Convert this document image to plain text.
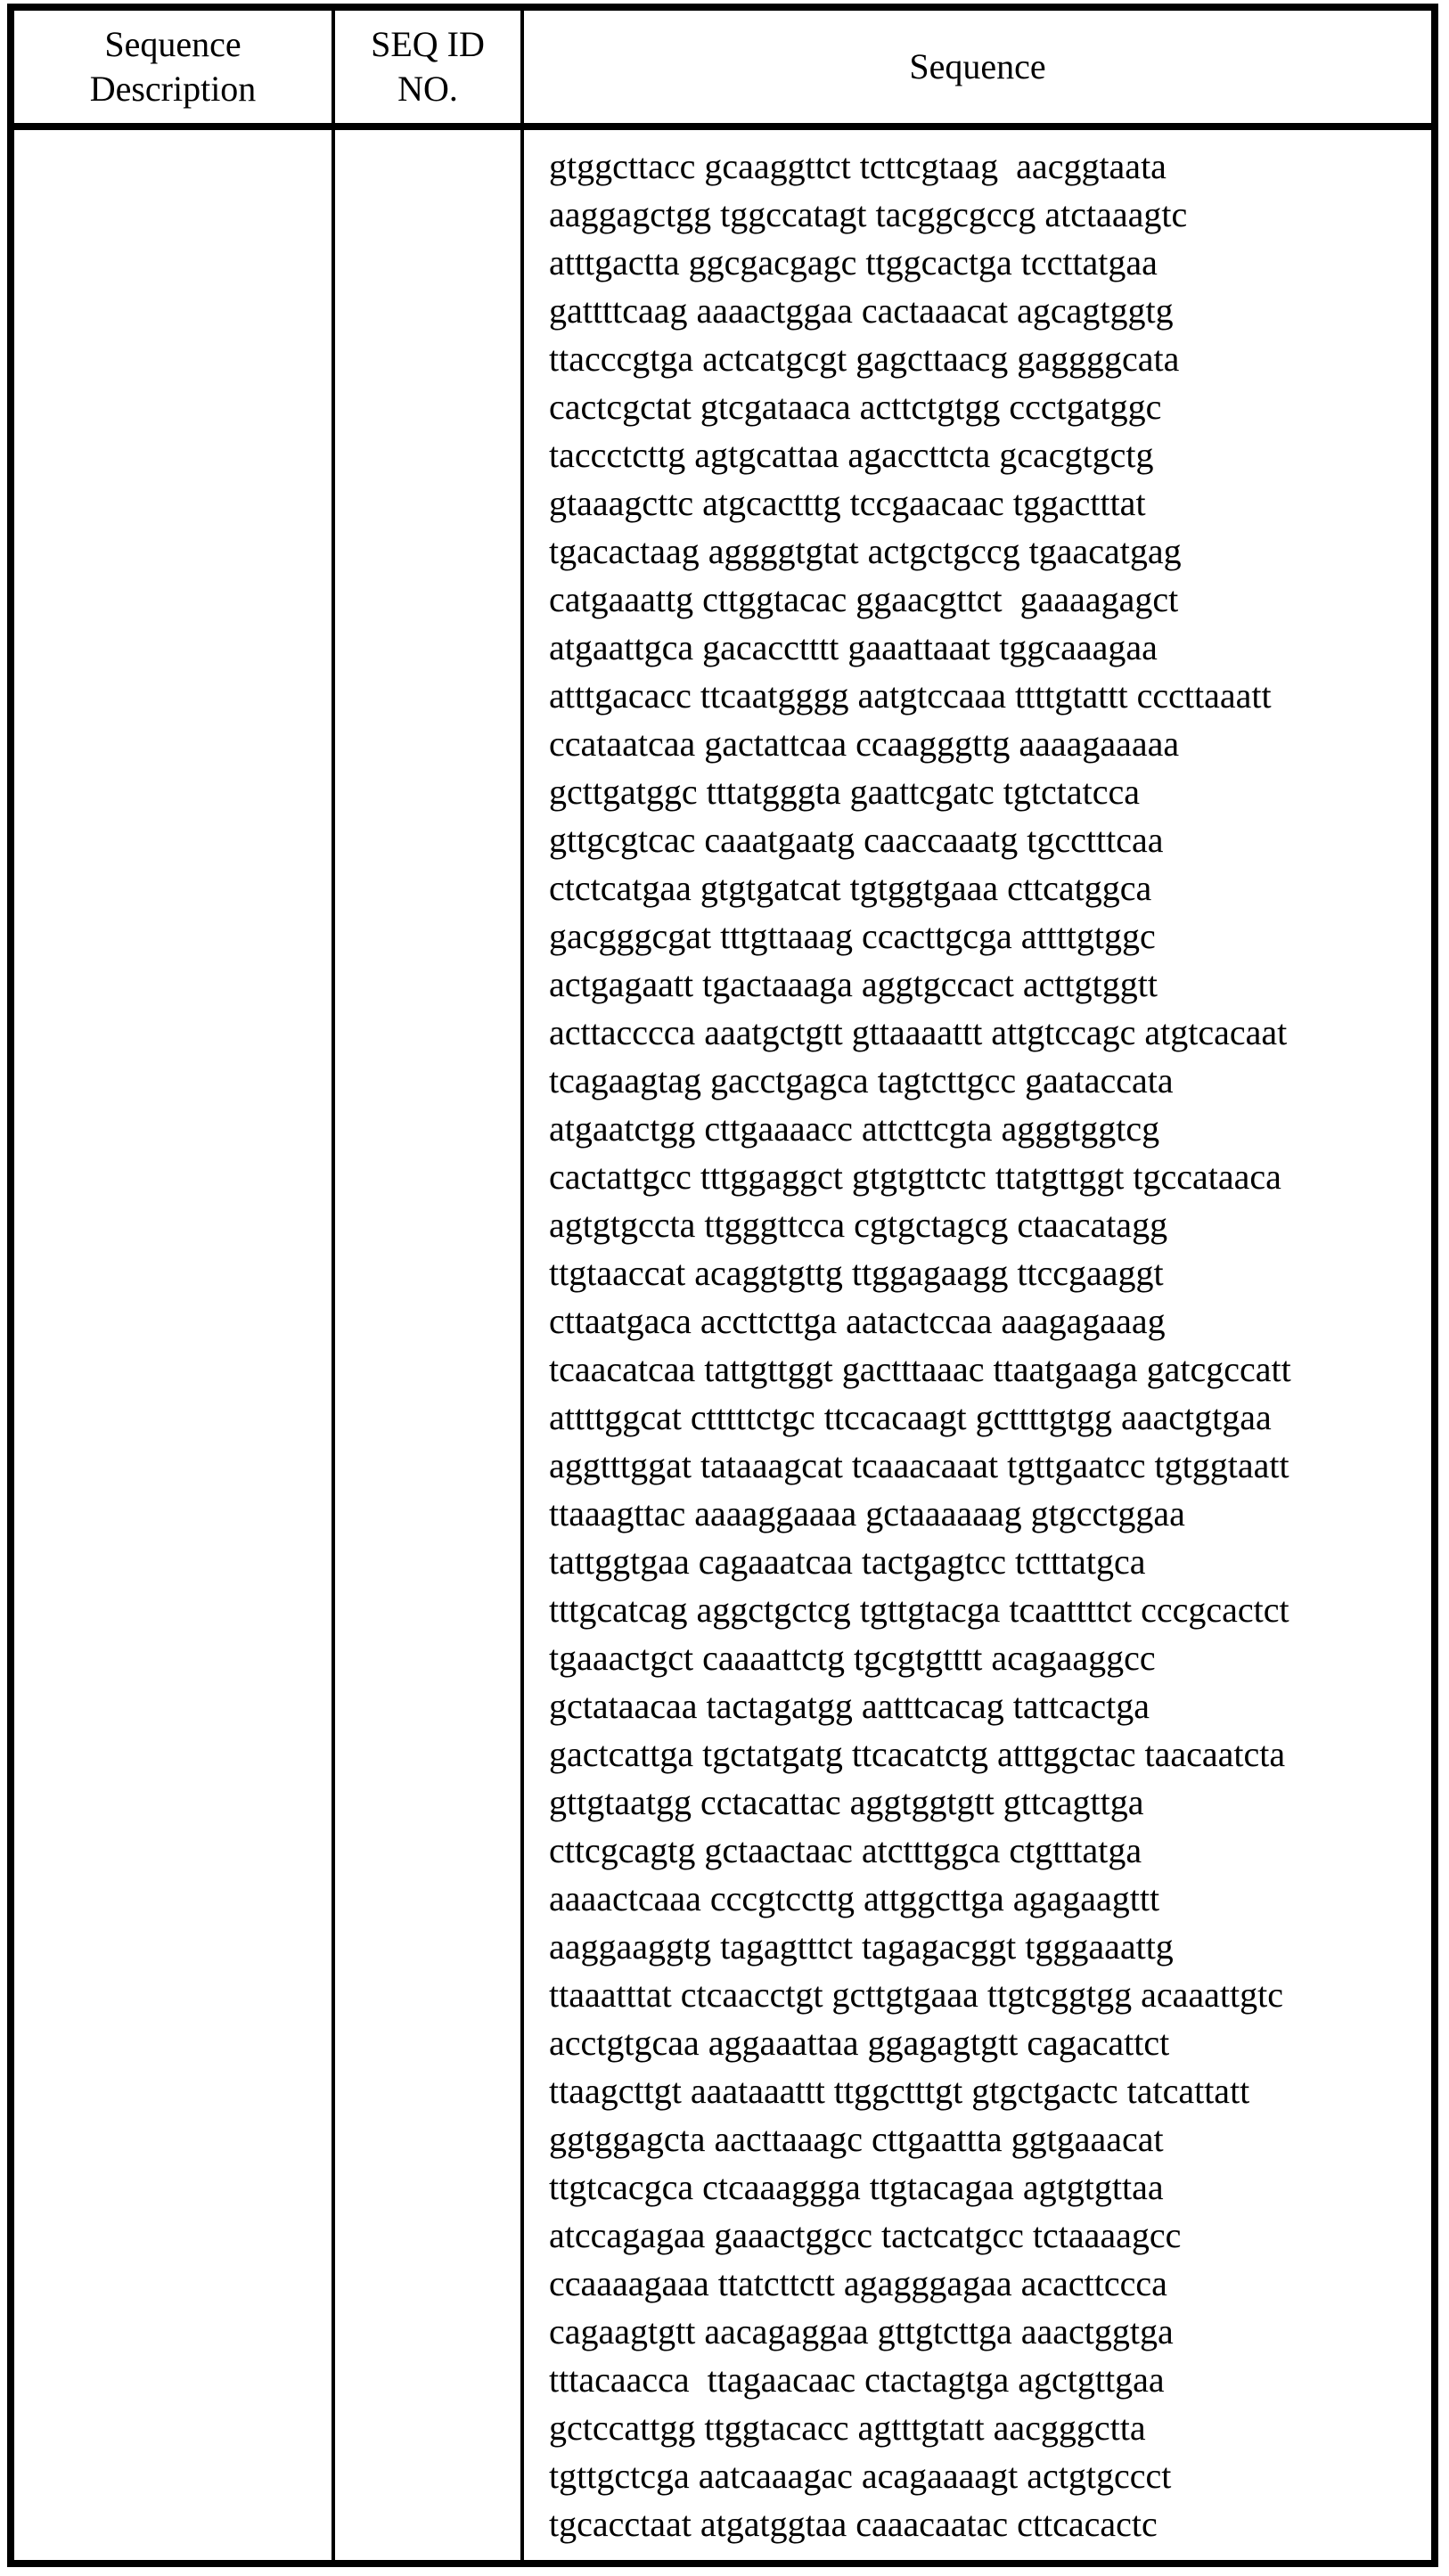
Sequence Description
SEQ ID NO.
Sequence
gtggcttacc gcaaggttct tcttcgtaag  aacggtaata
aaggagctgg tggccatagt tacggcgccg atctaaagtc
atttgactta ggcgacgagc ttggcactga tccttatgaa
gattttcaag aaaactggaa cactaaacat agcagtggtg
ttacccgtga actcatgcgt gagcttaacg gaggggcata
cactcgctat gtcgataaca acttctgtgg ccctgatggc
taccctcttg agtgcattaa agaccttcta gcacgtgctg
gtaaagcttc atgcactttg tccgaacaac tggactttat
tgacactaag aggggtgtat actgctgccg tgaacatgag
catgaaattg cttggtacac ggaacgttct  gaaaagagct
atgaattgca gacacctttt gaaattaaat tggcaaagaa
atttgacacc ttcaatgggg aatgtccaaa ttttgtattt cccttaaatt
ccataatcaa gactattcaa ccaagggttg aaaagaaaaa
gcttgatggc tttatgggta gaattcgatc tgtctatcca
gttgcgtcac caaatgaatg caaccaaatg tgcctttcaa
ctctcatgaa gtgtgatcat tgtggtgaaa cttcatggca
gacgggcgat tttgttaaag ccacttgcga attttgtggc
actgagaatt tgactaaaga aggtgccact acttgtggtt
acttacccca aaatgctgtt gttaaaattt attgtccagc atgtcacaat
tcagaagtag gacctgagca tagtcttgcc gaataccata
atgaatctgg cttgaaaacc attcttcgta agggtggtcg
cactattgcc tttggaggct gtgtgttctc ttatgttggt tgccataaca
agtgtgccta ttgggttcca cgtgctagcg ctaacatagg
ttgtaaccat acaggtgttg ttggagaagg ttccgaaggt
cttaatgaca accttcttga aatactccaa aaagagaaag
tcaacatcaa tattgttggt gactttaaac ttaatgaaga gatcgccatt
attttggcat ctttttctgc ttccacaagt gcttttgtgg aaactgtgaa
aggtttggat tataaagcat tcaaacaaat tgttgaatcc tgtggtaatt
ttaaagttac aaaaggaaaa gctaaaaaag gtgcctggaa
tattggtgaa cagaaatcaa tactgagtcc tctttatgca
tttgcatcag aggctgctcg tgttgtacga tcaattttct cccgcactct
tgaaactgct caaaattctg tgcgtgtttt acagaaggcc
gctataacaa tactagatgg aatttcacag tattcactga
gactcattga tgctatgatg ttcacatctg atttggctac taacaatcta
gttgtaatgg cctacattac aggtggtgtt gttcagttga
cttcgcagtg gctaactaac atctttggca ctgtttatga
aaaactcaaa cccgtccttg attggcttga agagaagttt
aaggaaggtg tagagtttct tagagacggt tgggaaattg
ttaaatttat ctcaacctgt gcttgtgaaa ttgtcggtgg acaaattgtc
acctgtgcaa aggaaattaa ggagagtgtt cagacattct
ttaagcttgt aaataaattt ttggctttgt gtgctgactc tatcattatt
ggtggagcta aacttaaagc cttgaattta ggtgaaacat
ttgtcacgca ctcaaaggga ttgtacagaa agtgtgttaa
atccagagaa gaaactggcc tactcatgcc tctaaaagcc
ccaaaagaaa ttatcttctt agagggagaa acacttccca
cagaagtgtt aacagaggaa gttgtcttga aaactggtga
tttacaacca  ttagaacaac ctactagtga agctgttgaa
gctccattgg ttggtacacc agtttgtatt aacgggctta
tgttgctcga aatcaaagac acagaaaagt actgtgccct
tgcacctaat atgatggtaa caaacaatac cttcacactc
